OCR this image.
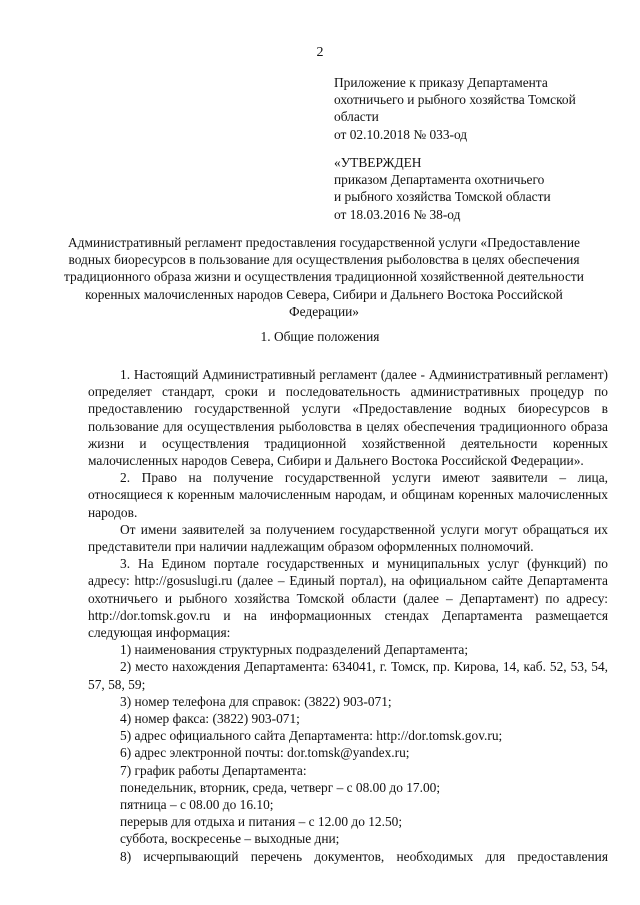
2
Приложение к приказу Департамента
охотничьего и рыбного хозяйства Томской
области
от 02.10.2018 № 033-од
«УТВЕРЖДЕН
приказом Департамента охотничьего
и рыбного хозяйства Томской области
от 18.03.2016 № 38-од
Административный регламент предоставления государственной услуги «Предоставление водных биоресурсов в пользование для осуществления рыболовства в целях обеспечения традиционного образа жизни и осуществления традиционной хозяйственной деятельности коренных малочисленных народов Севера, Сибири и Дальнего Востока Российской Федерации»
1. Общие положения

1. Настоящий Административный регламент (далее - Административный регламент) определяет стандарт, сроки и последовательность административных процедур по предоставлению государственной услуги «Предоставление водных биоресурсов в пользование для осуществления рыболовства в целях обеспечения традиционного образа жизни и осуществления традиционной хозяйственной деятельности коренных малочисленных народов Севера, Сибири и Дальнего Востока Российской Федерации».

2. Право на получение государственной услуги имеют заявители – лица, относящиеся к коренным малочисленным народам, и общинам коренных малочисленных народов.

От имени заявителей за получением государственной услуги могут обращаться их представители при наличии надлежащим образом оформленных полномочий.

3. На Едином портале государственных и муниципальных услуг (функций) по адресу: http://gosuslugi.ru (далее – Единый портал), на официальном сайте Департамента охотничьего и рыбного хозяйства Томской области (далее – Департамент) по адресу: http://dor.tomsk.gov.ru и на информационных стендах Департамента размещается следующая информация:

1) наименования структурных подразделений Департамента;

2) место нахождения Департамента: 634041, г. Томск, пр. Кирова, 14, каб. 52, 53, 54, 57, 58, 59;

3) номер телефона для справок: (3822) 903-071;

4) номер факса: (3822) 903-071;

5) адрес официального сайта Департамента: http://dor.tomsk.gov.ru;

6) адрес электронной почты: dor.tomsk@yandex.ru;

7) график работы Департамента:

понедельник, вторник, среда, четверг – с 08.00 до 17.00;

пятница – с 08.00 до 16.10;

перерыв для отдыха и питания – с 12.00 до 12.50;

суббота, воскресенье – выходные дни;

8) исчерпывающий перечень документов, необходимых для предоставления
